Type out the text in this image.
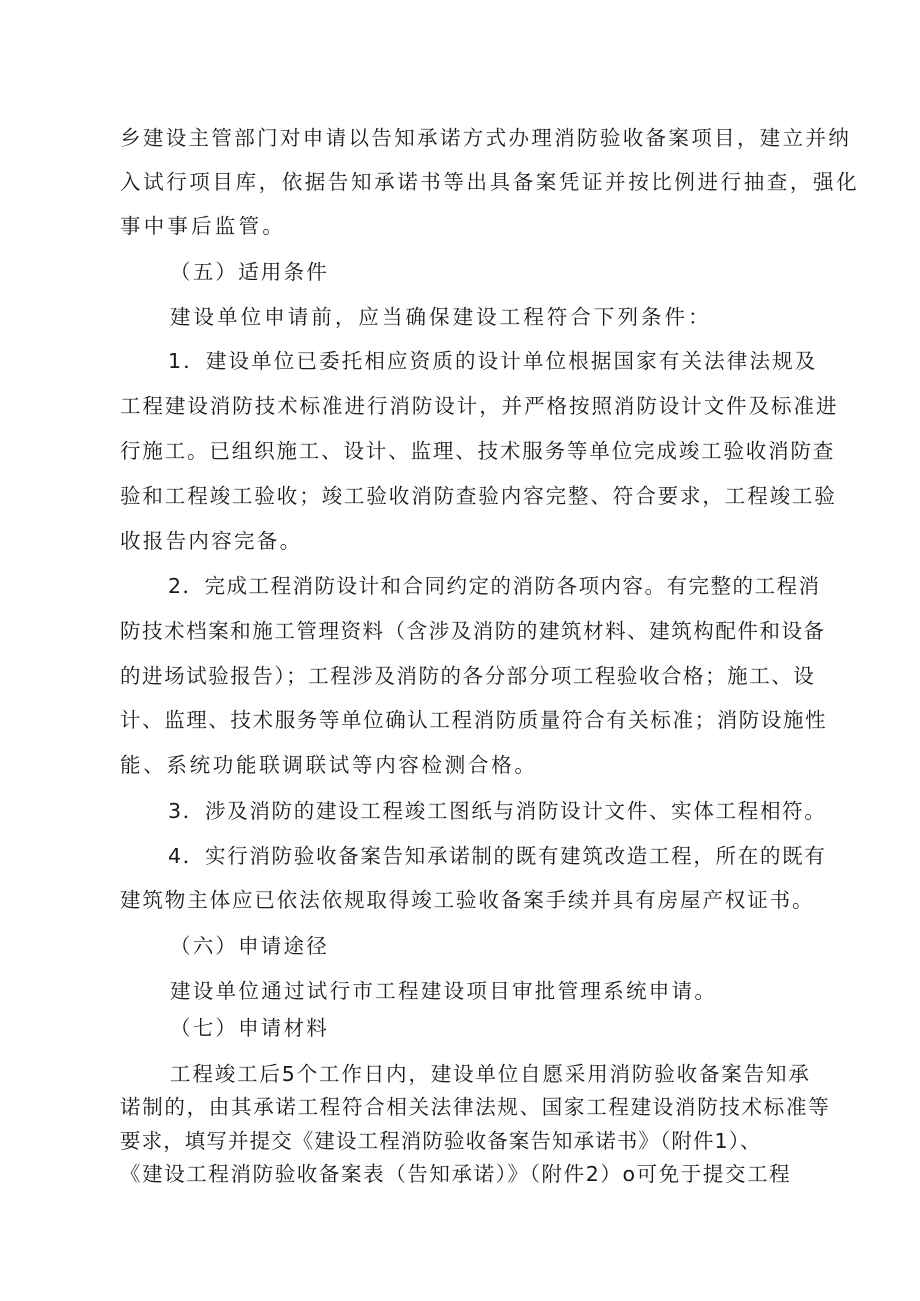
乡建设主管部门对申请以告知承诺方式办理消防验收备案项目，建立并纳
入试行项目库，依据告知承诺书等出具备案凭证并按比例进行抽查，强化
事中事后监管。
（五）适用条件
建设单位申请前，应当确保建设工程符合下列条件：
1．建设单位已委托相应资质的设计单位根据国家有关法律法规及
工程建设消防技术标准进行消防设计，并严格按照消防设计文件及标准进
行施工。已组织施工、设计、监理、技术服务等单位完成竣工验收消防查
验和工程竣工验收；竣工验收消防查验内容完整、符合要求，工程竣工验
收报告内容完备。
2．完成工程消防设计和合同约定的消防各项内容。有完整的工程消
防技术档案和施工管理资料（含涉及消防的建筑材料、建筑构配件和设备
的进场试验报告）；工程涉及消防的各分部分项工程验收合格；施工、设
计、监理、技术服务等单位确认工程消防质量符合有关标准；消防设施性
能、系统功能联调联试等内容检测合格。
3．涉及消防的建设工程竣工图纸与消防设计文件、实体工程相符。
4．实行消防验收备案告知承诺制的既有建筑改造工程，所在的既有
建筑物主体应已依法依规取得竣工验收备案手续并具有房屋产权证书。
（六）申请途径
建设单位通过试行市工程建设项目审批管理系统申请。
（七）申请材料
工程竣工后5个工作日内，建设单位自愿采用消防验收备案告知承
诺制的，由其承诺工程符合相关法律法规、国家工程建设消防技术标准等
要求，填写并提交《建设工程消防验收备案告知承诺书》（附件1）、
《建设工程消防验收备案表（告知承诺）》（附件2）o可免于提交工程
